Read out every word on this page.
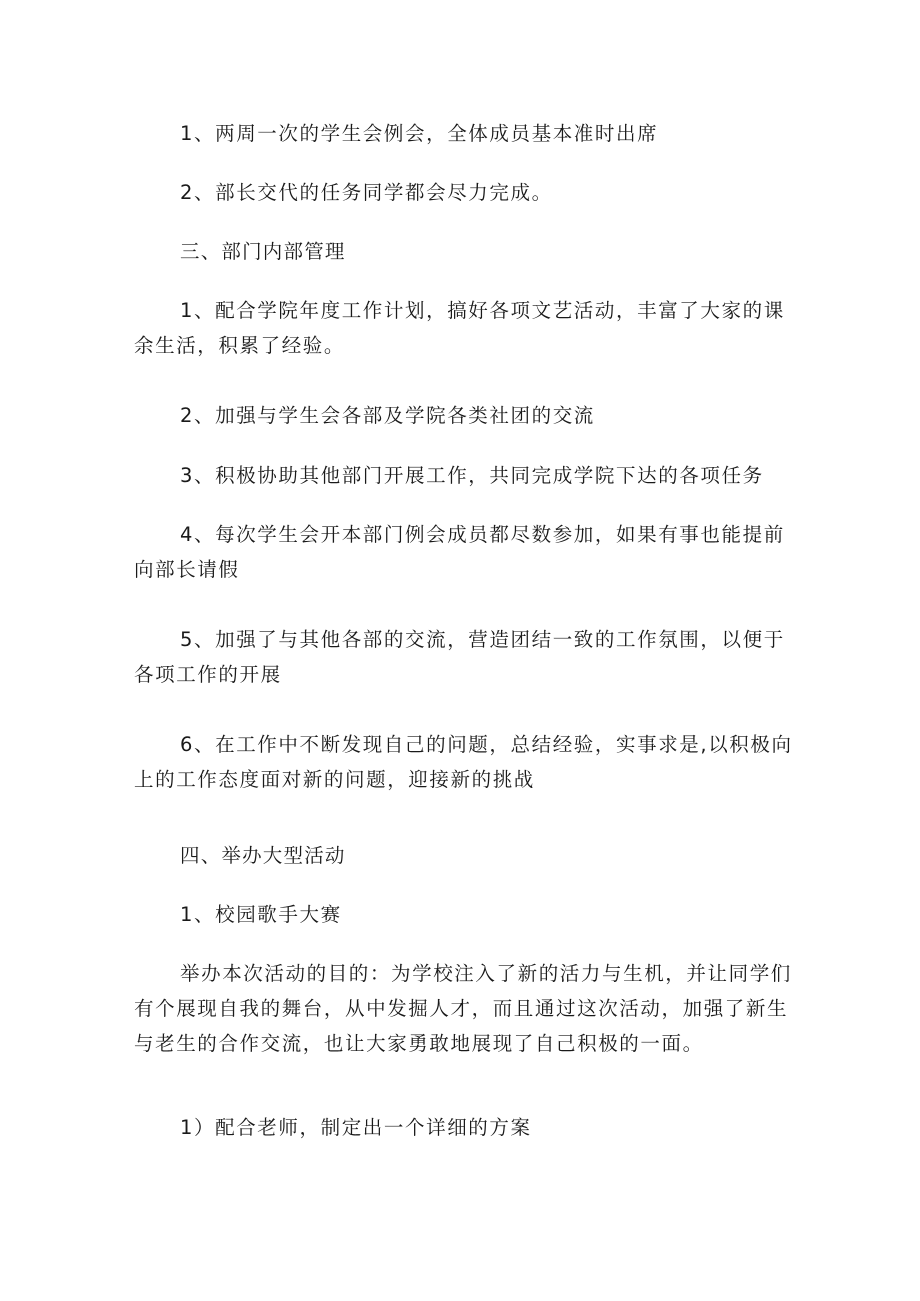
1、两周一次的学生会例会，全体成员基本准时出席

2、部长交代的任务同学都会尽力完成。

三、部门内部管理

1、配合学院年度工作计划，搞好各项文艺活动，丰富了大家的课余生活，积累了经验。

2、加强与学生会各部及学院各类社团的交流

3、积极协助其他部门开展工作，共同完成学院下达的各项任务

4、每次学生会开本部门例会成员都尽数参加，如果有事也能提前向部长请假

5、加强了与其他各部的交流，营造团结一致的工作氛围，以便于各项工作的开展

6、在工作中不断发现自己的问题，总结经验，实事求是,以积极向上的工作态度面对新的问题，迎接新的挑战

四、举办大型活动

1、校园歌手大赛

举办本次活动的目的：为学校注入了新的活力与生机，并让同学们有个展现自我的舞台，从中发掘人才，而且通过这次活动，加强了新生与老生的合作交流，也让大家勇敢地展现了自己积极的一面。

1）配合老师，制定出一个详细的方案
